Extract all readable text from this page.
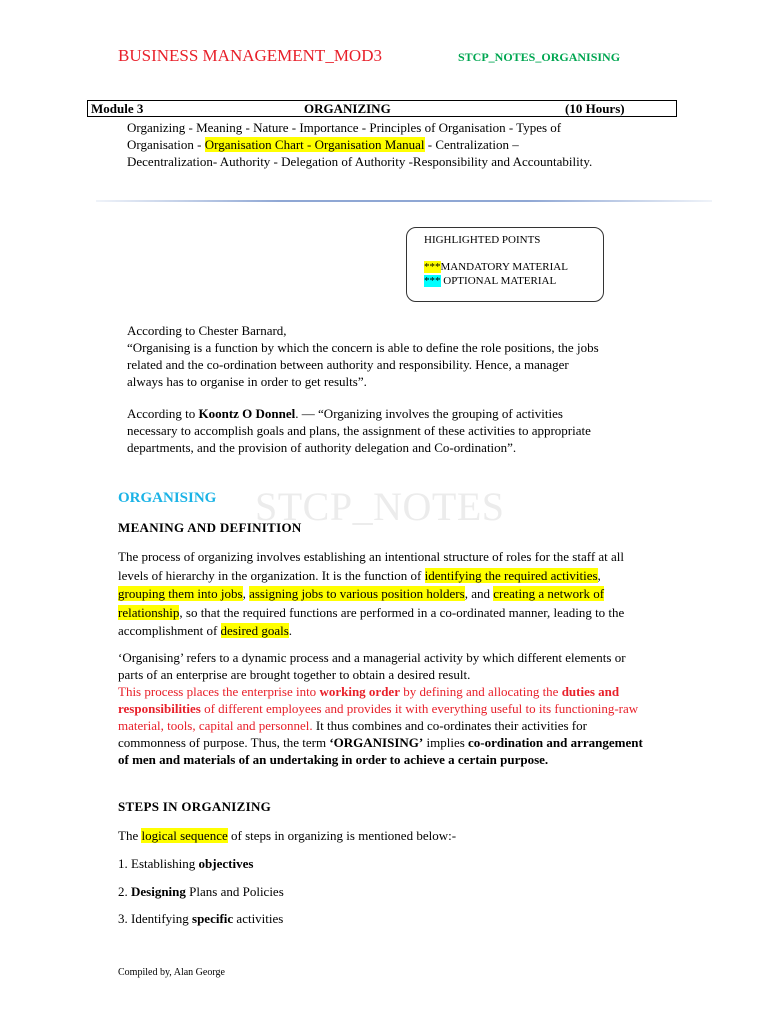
BUSINESS MANAGEMENT_MOD3	STCP_NOTES_ORGANISING
Module 3	ORGANIZING	(10 Hours)
Organizing - Meaning - Nature - Importance - Principles of Organisation - Types of Organisation - Organisation Chart - Organisation Manual - Centralization – Decentralization- Authority - Delegation of Authority -Responsibility and Accountability.
HIGHLIGHTED POINTS
***MANDATORY MATERIAL
*** OPTIONAL MATERIAL
According to Chester Barnard,
“Organising is a function by which the concern is able to define the role positions, the jobs related and the co-ordination between authority and responsibility. Hence, a manager always has to organise in order to get results”.
According to Koontz O Donnel. — “Organizing involves the grouping of activities necessary to accomplish goals and plans, the assignment of these activities to appropriate departments, and the provision of authority delegation and Co-ordination”.
STCP_NOTES
ORGANISING
MEANING AND DEFINITION
The process of organizing involves establishing an intentional structure of roles for the staff at all levels of hierarchy in the organization. It is the function of identifying the required activities, grouping them into jobs, assigning jobs to various position holders, and creating a network of relationship, so that the required functions are performed in a co-ordinated manner, leading to the accomplishment of desired goals.
‘Organising’ refers to a dynamic process and a managerial activity by which different elements or parts of an enterprise are brought together to obtain a desired result.
This process places the enterprise into working order by defining and allocating the duties and responsibilities of different employees and provides it with everything useful to its functioning-raw material, tools, capital and personnel. It thus combines and co-ordinates their activities for commonness of purpose. Thus, the term ‘ORGANISING’ implies co-ordination and arrangement of men and materials of an undertaking in order to achieve a certain purpose.
STEPS IN ORGANIZING
The logical sequence of steps in organizing is mentioned below:-
1. Establishing objectives
2. Designing Plans and Policies
3. Identifying specific activities
Compiled by, Alan George
